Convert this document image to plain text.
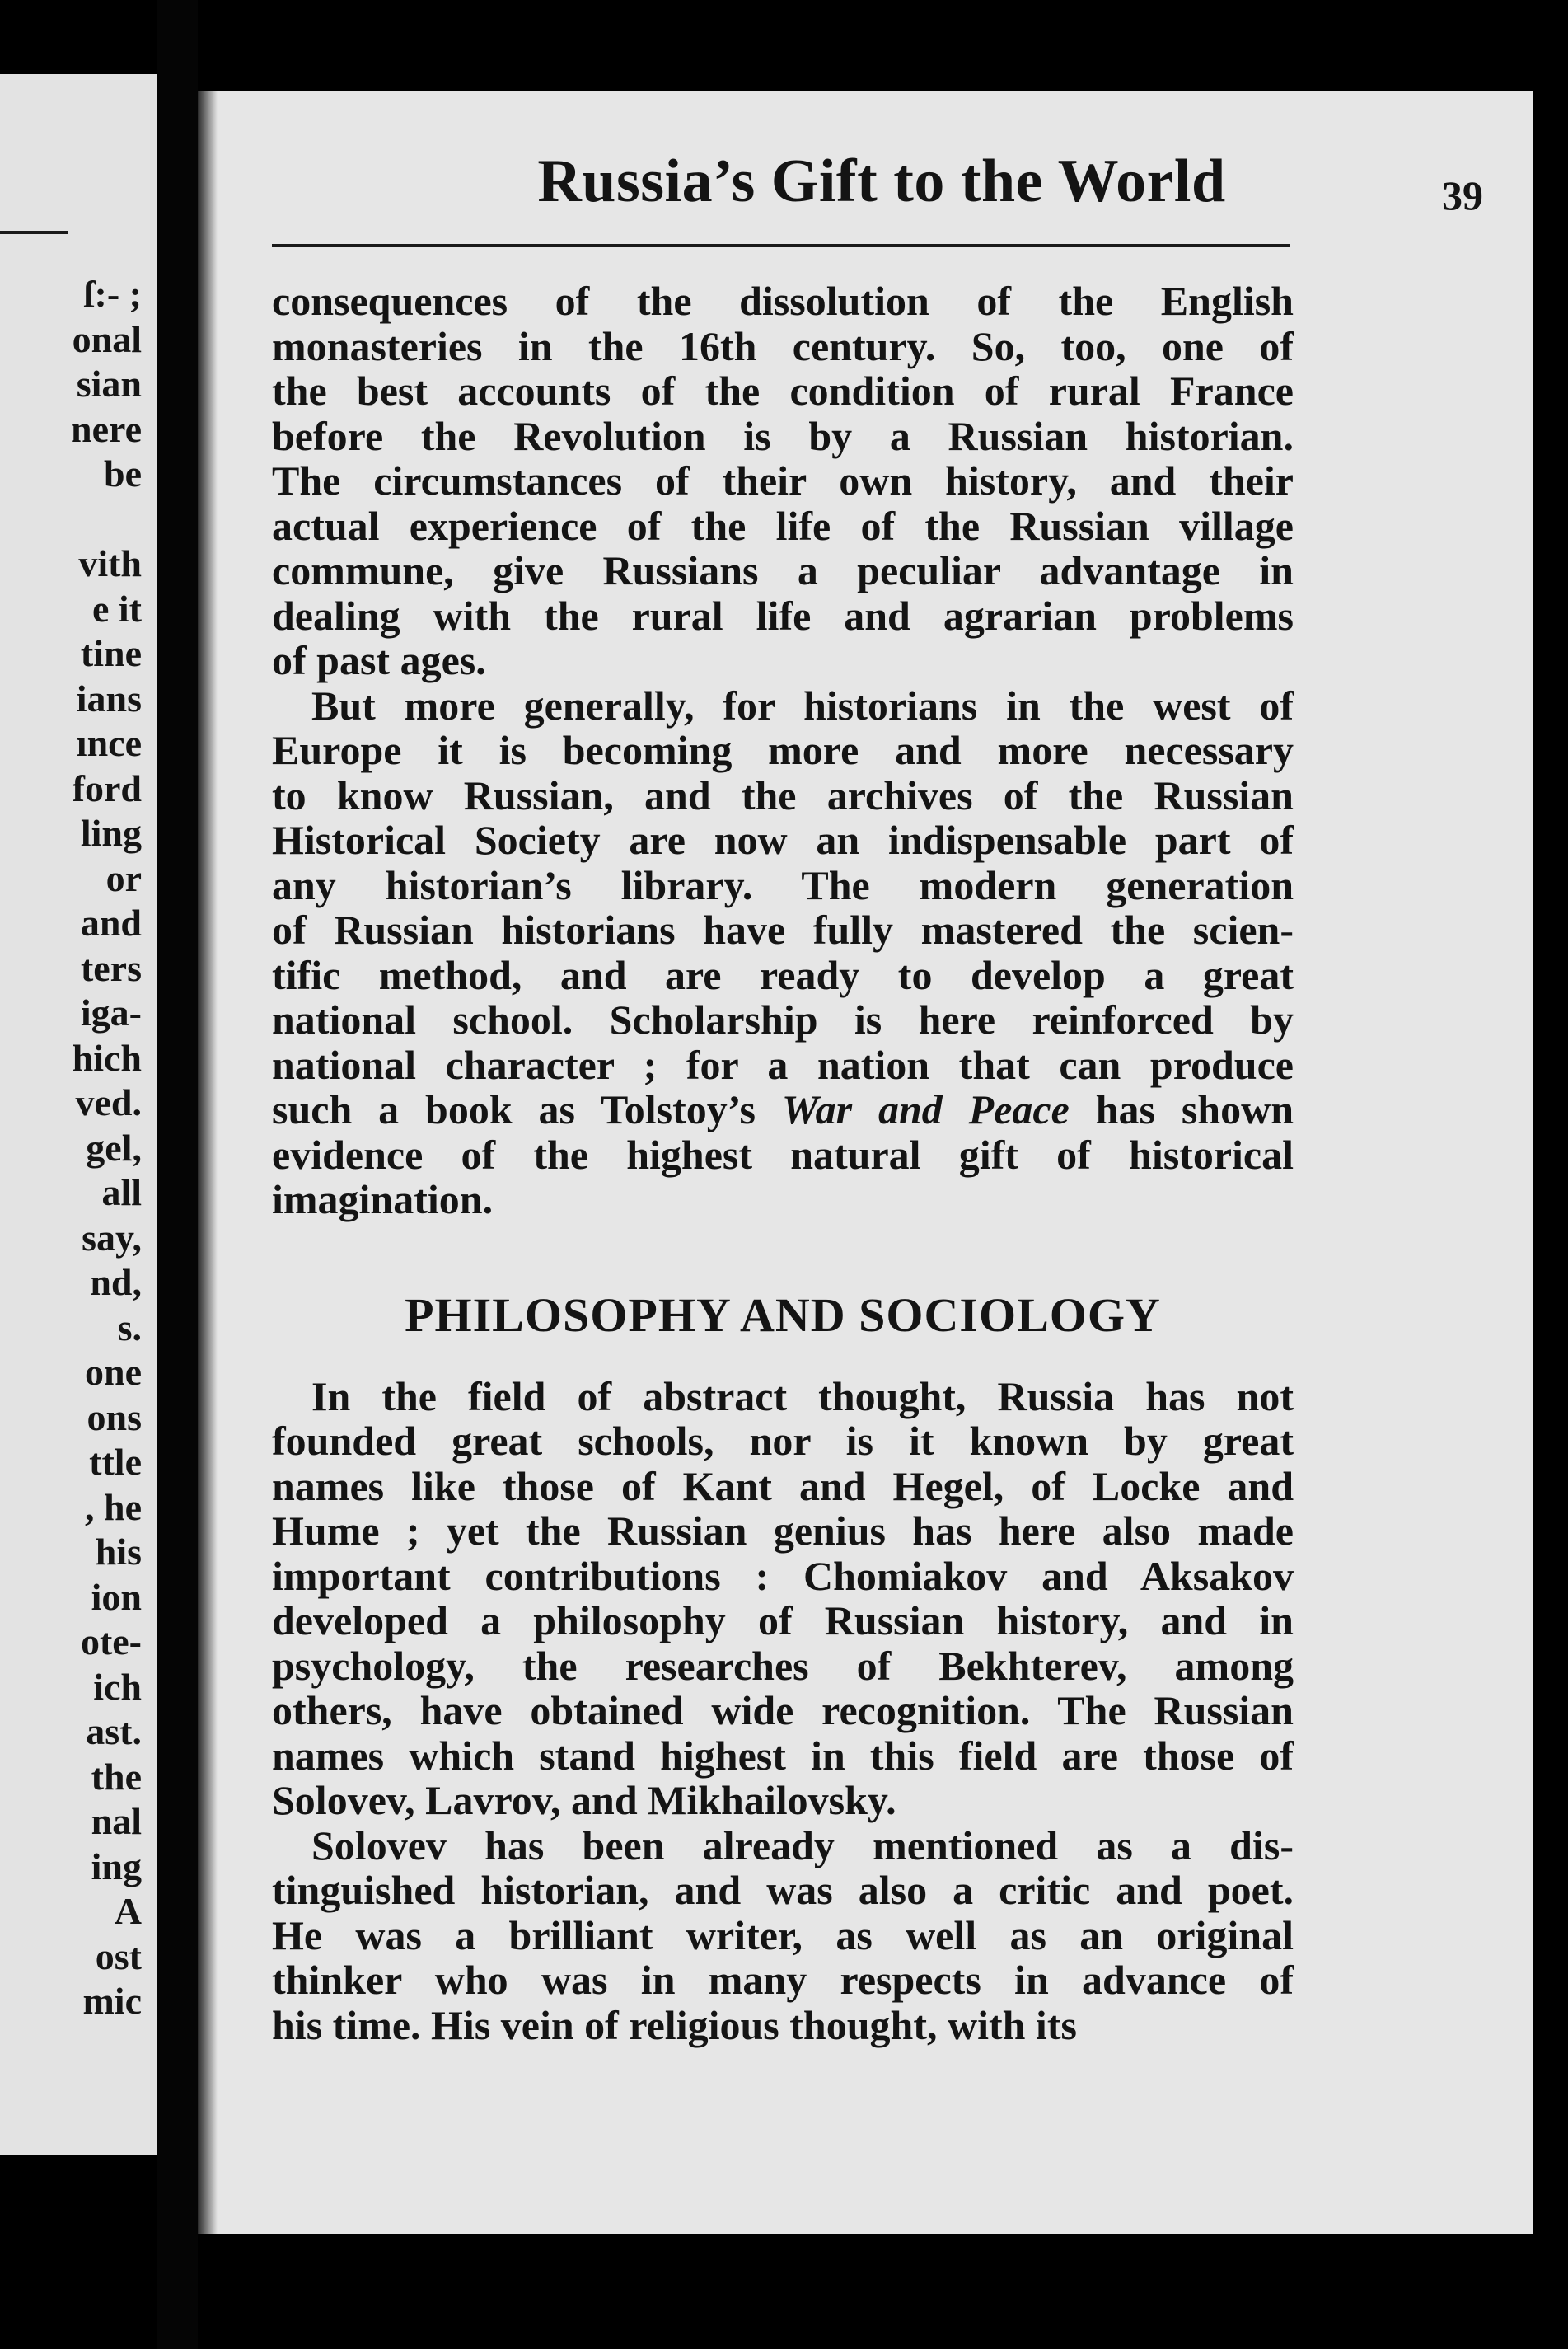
ſ:- ;
onal
sian
nere
be
vith
e it
tine
ians
ınce
ford
ling
or
and
ters
iga-
hich
ved.
gel,
all
say,
nd,
s.
one
ons
ttle
, he
his
ion
ote-
ich
ast.
the
nal
ing
A
ost
mic
Russia’s Gift to the World	39

consequences of the dissolution of the English
monasteries in the 16th century. So, too, one of
the best accounts of the condition of rural France
before the Revolution is by a Russian historian.
The circumstances of their own history, and their
actual experience of the life of the Russian village
commune, give Russians a peculiar advantage in
dealing with the rural life and agrarian problems
of past ages.

But more generally, for historians in the west of
Europe it is becoming more and more necessary
to know Russian, and the archives of the Russian
Historical Society are now an indispensable part of
any historian’s library. The modern generation
of Russian historians have fully mastered the scien-
tific method, and are ready to develop a great
national school. Scholarship is here reinforced by
national character ; for a nation that can produce
such a book as Tolstoy’s War and Peace has shown
evidence of the highest natural gift of historical
imagination.

PHILOSOPHY AND SOCIOLOGY

In the field of abstract thought, Russia has not
founded great schools, nor is it known by great
names like those of Kant and Hegel, of Locke and
Hume ; yet the Russian genius has here also made
important contributions : Chomiakov and Aksakov
developed a philosophy of Russian history, and in
psychology, the researches of Bekhterev, among
others, have obtained wide recognition. The Russian
names which stand highest in this field are those of
Solovev, Lavrov, and Mikhailovsky.

Solovev has been already mentioned as a dis-
tinguished historian, and was also a critic and poet.
He was a brilliant writer, as well as an original
thinker who was in many respects in advance of
his time. His vein of religious thought, with its
